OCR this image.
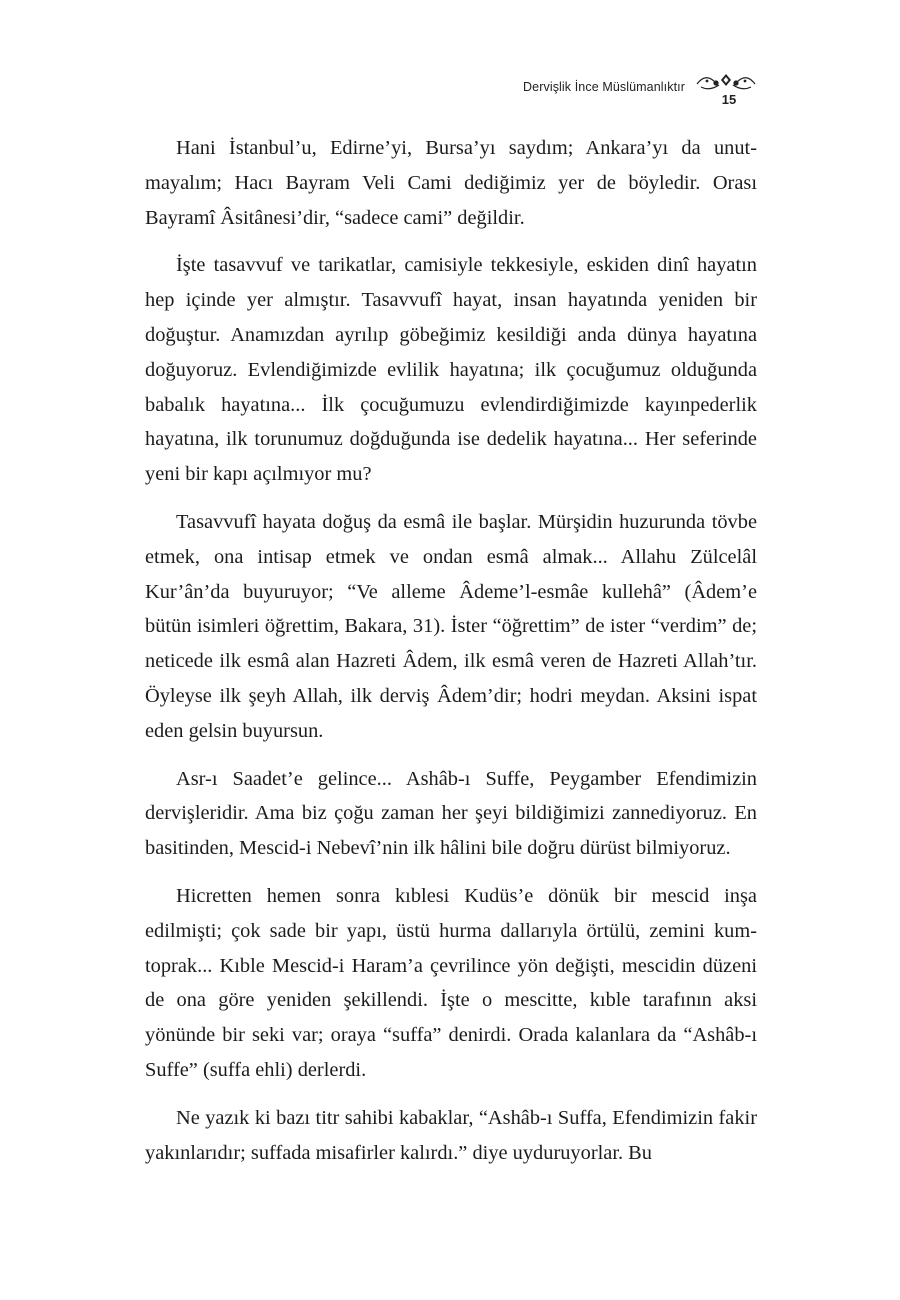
Dervişlik İnce Müslümanlıktır
15

Hani İstanbul’u, Edirne’yi, Bursa’yı saydım; Ankara’yı da unutmayalım; Hacı Bayram Veli Cami dediğimiz yer de böyledir. Orası Bayramî Âsitânesi’dir, “sadece cami” değildir.

İşte tasavvuf ve tarikatlar, camisiyle tekkesiyle, eskiden dinî hayatın hep içinde yer almıştır. Tasavvufî hayat, insan hayatında yeniden bir doğuştur. Anamızdan ayrılıp göbeğimiz kesildiği anda dünya hayatına doğuyoruz. Evlendiğimizde evlilik hayatına; ilk çocuğumuz olduğunda babalık hayatına... İlk çocuğumuzu evlendirdiğimizde kayınpederlik hayatına, ilk torunumuz doğduğunda ise dedelik hayatına... Her seferinde yeni bir kapı açılmıyor mu?

Tasavvufî hayata doğuş da esmâ ile başlar. Mürşidin huzurunda tövbe etmek, ona intisap etmek ve ondan esmâ almak... Allahu Zülcelâl Kur’ân’da buyuruyor; “Ve alleme Âdeme’l-esmâe kullehâ” (Âdem’e bütün isimleri öğrettim, Bakara, 31). İster “öğrettim” de ister “verdim” de; neticede ilk esmâ alan Hazreti Âdem, ilk esmâ veren de Hazreti Allah’tır. Öyleyse ilk şeyh Allah, ilk derviş Âdem’dir; hodri meydan. Aksini ispat eden gelsin buyursun.

Asr-ı Saadet’e gelince... Ashâb-ı Suffe, Peygamber Efendimizin dervişleridir. Ama biz çoğu zaman her şeyi bildiğimizi zannediyoruz. En basitinden, Mescid-i Nebevî’nin ilk hâlini bile doğru dürüst bilmiyoruz.

Hicretten hemen sonra kıblesi Kudüs’e dönük bir mescid inşa edilmişti; çok sade bir yapı, üstü hurma dallarıyla örtülü, zemini kum-toprak... Kıble Mescid-i Haram’a çevrilince yön değişti, mescidin düzeni de ona göre yeniden şekillendi. İşte o mescitte, kıble tarafının aksi yönünde bir seki var; oraya “suffa” denirdi. Orada kalanlara da “Ashâb-ı Suffe” (suffa ehli) derlerdi.

Ne yazık ki bazı titr sahibi kabaklar, “Ashâb-ı Suffa, Efendimizin fakir yakınlarıdır; suffada misafirler kalırdı.” diye uyduruyorlar. Bu
